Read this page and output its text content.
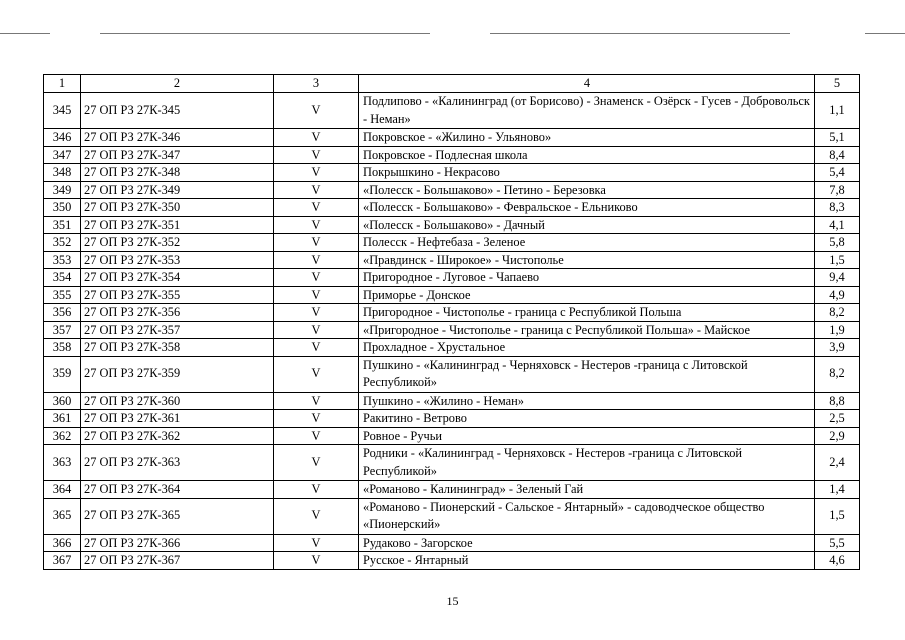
1	2	3	4	5
345	27 ОП РЗ 27К-345	V	Подлипово - «Калининград (от Борисово) - Знаменск - Озёрск - Гусев - Добровольск - Неман»	1,1
346	27 ОП РЗ 27К-346	V	Покровское - «Жилино - Ульяново»	5,1
347	27 ОП РЗ 27К-347	V	Покровское - Подлесная школа	8,4
348	27 ОП РЗ 27К-348	V	Покрышкино - Некрасово	5,4
349	27 ОП РЗ 27К-349	V	«Полесск - Большаково» - Петино - Березовка	7,8
350	27 ОП РЗ 27К-350	V	«Полесск - Большаково» - Февральское - Ельниково	8,3
351	27 ОП РЗ 27К-351	V	«Полесск - Большаково» - Дачный	4,1
352	27 ОП РЗ 27К-352	V	Полесск - Нефтебаза - Зеленое	5,8
353	27 ОП РЗ 27К-353	V	«Правдинск - Широкое» - Чистополье	1,5
354	27 ОП РЗ 27К-354	V	Пригородное - Луговое - Чапаево	9,4
355	27 ОП РЗ 27К-355	V	Приморье - Донское	4,9
356	27 ОП РЗ 27К-356	V	Пригородное - Чистополье - граница с Республикой Польша	8,2
357	27 ОП РЗ 27К-357	V	«Пригородное - Чистополье - граница с Республикой Польша» - Майское	1,9
358	27 ОП РЗ 27К-358	V	Прохладное - Хрустальное	3,9
359	27 ОП РЗ 27К-359	V	Пушкино - «Калининград - Черняховск - Нестеров -граница с Литовской Республикой»	8,2
360	27 ОП РЗ 27К-360	V	Пушкино - «Жилино - Неман»	8,8
361	27 ОП РЗ 27К-361	V	Ракитино - Ветрово	2,5
362	27 ОП РЗ 27К-362	V	Ровное - Ручьи	2,9
363	27 ОП РЗ 27К-363	V	Родники - «Калининград - Черняховск - Нестеров -граница с Литовской Республикой»	2,4
364	27 ОП РЗ 27К-364	V	«Романово - Калининград» - Зеленый Гай	1,4
365	27 ОП РЗ 27К-365	V	«Романово - Пионерский - Сальское - Янтарный» - садоводческое общество «Пионерский»	1,5
366	27 ОП РЗ 27К-366	V	Рудаково - Загорское	5,5
367	27 ОП РЗ 27К-367	V	Русское - Янтарный	4,6
15
